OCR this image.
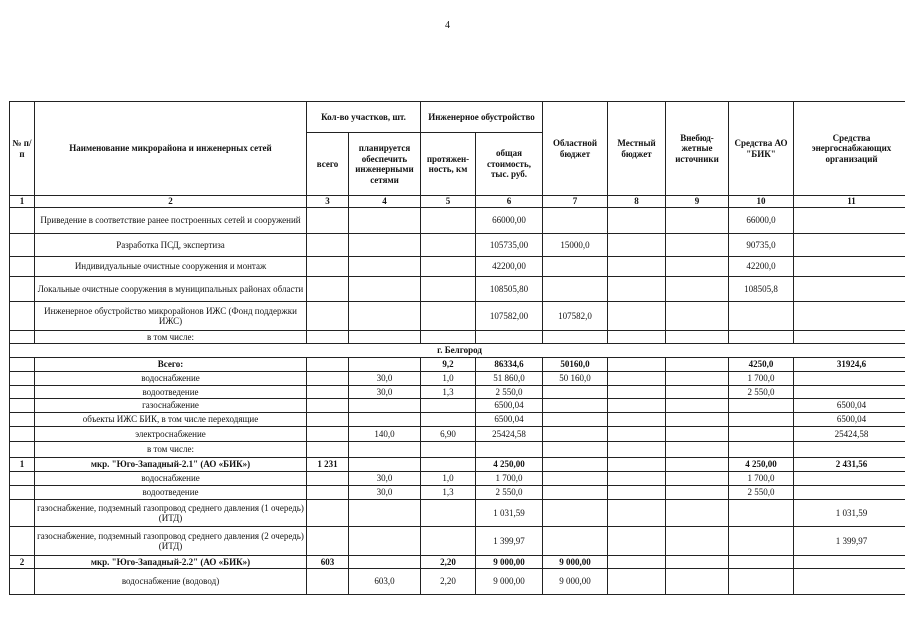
4
№ п/п	Наименование микрорайона и инженерных сетей	Кол-во участков, шт.		Инженерное обустройство		Областной бюджет	Местный бюджет	Внебюд-жетные источники	Средства АО "БИК"	Средства энергоснабжающих организаций
		всего	планируется обеспечить инженерными сетями	протяжен-ность, км	общая стоимость, тыс. руб.					
1	2	3	4	5	6	7	8	9	10	11
	Приведение в соответствие ранее построенных сетей и сооружений				66000,00				66000,0	
	Разработка ПСД, экспертиза				105735,00	15000,0			90735,0	
	Индивидуальные очистные сооружения и монтаж				42200,00				42200,0	
	Локальные очистные сооружения в муниципальных районах области				108505,80				108505,8	
	Инженерное обустройство микрорайонов ИЖС (Фонд поддержки ИЖС)				107582,00	107582,0				
	в том числе:									
г. Белгород										
	Всего:			9,2	86334,6	50160,0			4250,0	31924,6
	водоснабжение		30,0	1,0	51 860,0	50 160,0			1 700,0	
	водоотведение		30,0	1,3	2 550,0				2 550,0	
	газоснабжение				6500,04					6500,04
	объекты ИЖС БИК, в том числе переходящие				6500,04					6500,04
	электроснабжение		140,0	6,90	25424,58					25424,58
	в том числе:									
1	мкр. "Юго-Западный-2.1" (АО «БИК»)	1 231			4 250,00				4 250,00	2 431,56
	водоснабжение		30,0	1,0	1 700,0				1 700,0	
	водоотведение		30,0	1,3	2 550,0				2 550,0	
	газоснабжение, подземный газопровод среднего давления (1 очередь) (ИТД)				1 031,59					1 031,59
	газоснабжение, подземный газопровод среднего давления (2 очередь) (ИТД)				1 399,97					1 399,97
2	мкр. "Юго-Западный-2.2" (АО «БИК»)	603		2,20	9 000,00	9 000,00				
	водоснабжение (водовод)		603,0	2,20	9 000,00	9 000,00				
